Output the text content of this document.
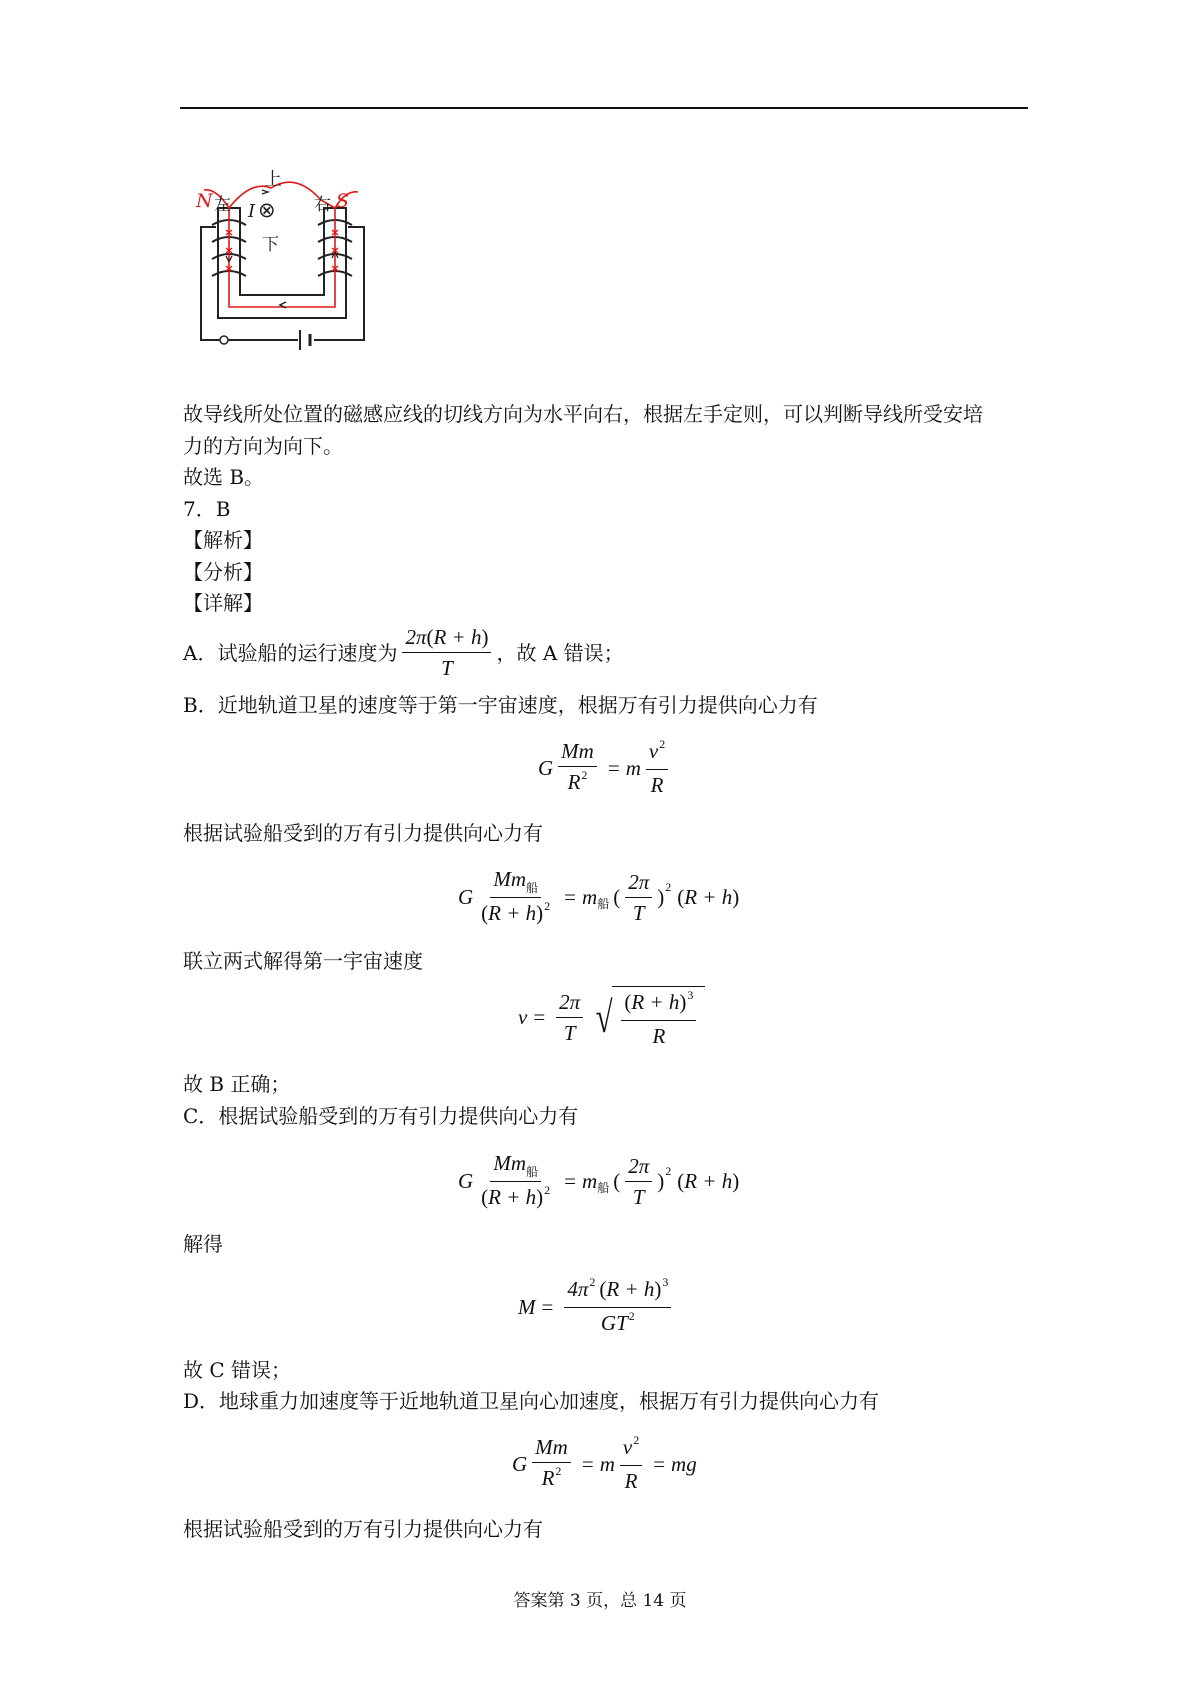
上
下
左	右
N	S
I ⊗
故导线所处位置的磁感应线的切线方向为水平向右，根据左手定则，可以判断导线所受安培
力的方向为向下。
故选 B。
7．B
【解析】
【分析】
【详解】
A．试验船的运行速度为 $\frac{2\pi(R + h)}{T}$ ，故 A 错误；
B．近地轨道卫星的速度等于第一宇宙速度，根据万有引力提供向心力有
G $\frac{Mm}{R^2} = m \frac{v^2}{R}$
根据试验船受到的万有引力提供向心力有
G $\frac{Mm_船}{(R + h)^2} = m$ 船 ( $\frac{2\pi}{T}$ ) 2 ( R + h )
联立两式解得第一宇宙速度
$v = \frac{2\pi}{T}$ √ $\frac{(R + h)^3}{R}$
故 B 正确；
C．根据试验船受到的万有引力提供向心力有
G $\frac{Mm_船}{(R + h)^2} = m$ 船 ( $\frac{2\pi}{T}$ ) 2 ( R + h )
解得
$M = \frac{4\pi^2 (R + h)^3}{GT^2}$
故 C 错误；
D．地球重力加速度等于近地轨道卫星向心加速度，根据万有引力提供向心力有
G $\frac{Mm}{R^2} = m \frac{v^2}{R}$ = mg
根据试验船受到的万有引力提供向心力有
答案第 3 页，总 14 页
